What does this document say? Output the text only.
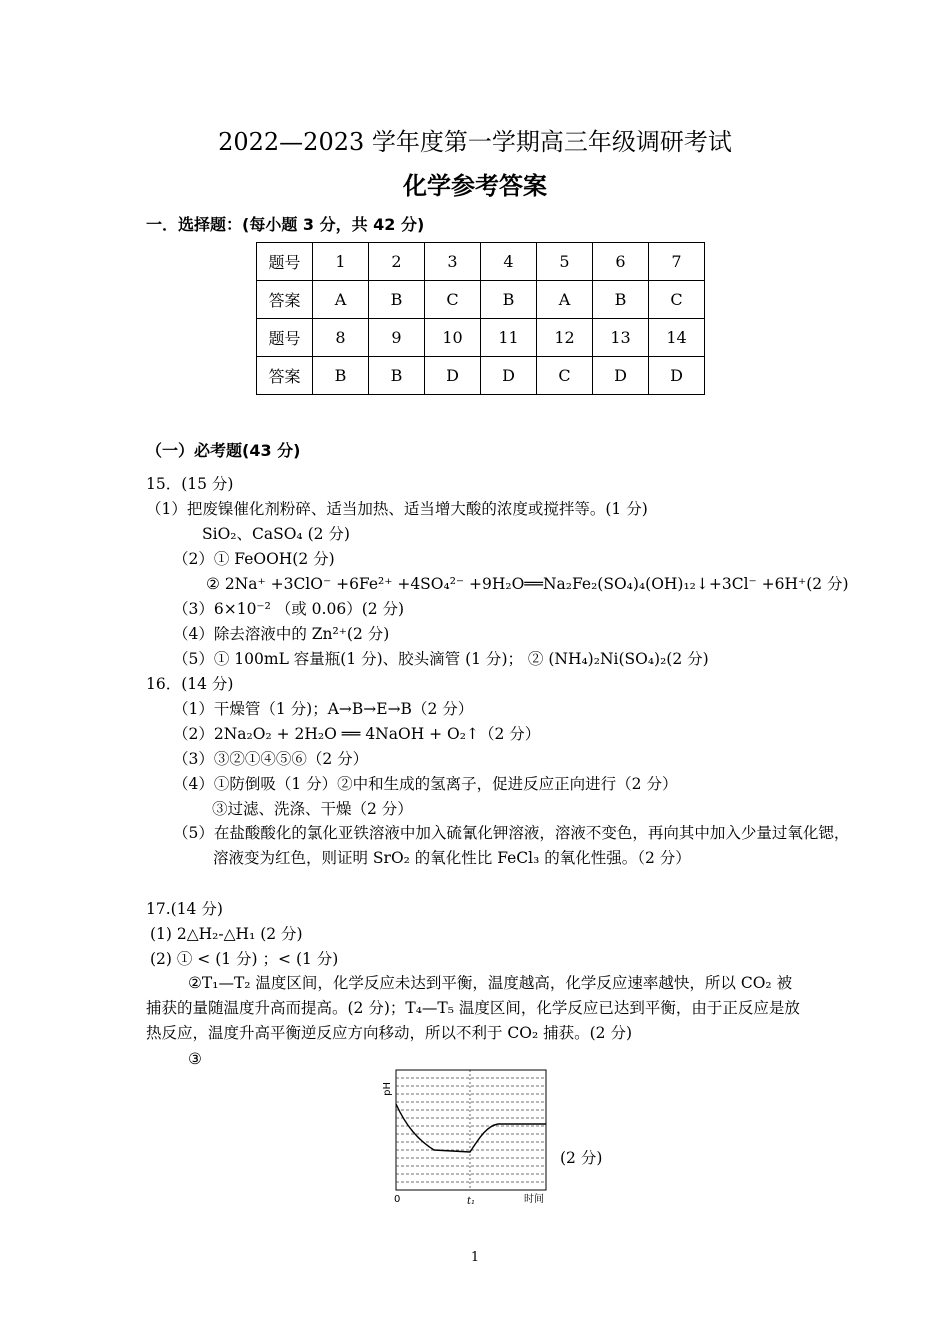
2022—2023 学年度第一学期高三年级调研考试
化学参考答案
一．选择题：(每小题 3 分，共 42 分)
题号	1	2	3	4	5	6	7
答案	A	B	C	B	A	B	C
题号	8	9	10	11	12	13	14
答案	B	B	D	D	C	D	D
（一）必考题(43 分)
15．(15 分)
（1）把废镍催化剂粉碎、适当加热、适当增大酸的浓度或搅拌等。(1 分)
SiO₂、CaSO₄ (2 分)
（2）① FeOOH(2 分)
② 2Na⁺ +3ClO⁻ +6Fe²⁺ +4SO₄²⁻ +9H₂O══Na₂Fe₂(SO₄)₄(OH)₁₂↓+3Cl⁻ +6H⁺(2 分)
（3）6×10⁻² （或 0.06）(2 分)
（4）除去溶液中的 Zn²⁺(2 分)
（5）① 100mL 容量瓶(1 分)、胶头滴管 (1 分)； ② (NH₄)₂Ni(SO₄)₂(2 分)
16．(14 分)
（1）干燥管（1 分)；A→B→E→B（2 分）
（2）2Na₂O₂ + 2H₂O ══ 4NaOH + O₂↑（2 分）
（3）③②①④⑤⑥（2 分）
（4）①防倒吸（1 分）②中和生成的氢离子，促进反应正向进行（2 分）
③过滤、洗涤、干燥（2 分）
（5）在盐酸酸化的氯化亚铁溶液中加入硫氰化钾溶液，溶液不变色，再向其中加入少量过氧化锶，溶液变为红色，则证明 SrO₂ 的氧化性比 FeCl₃ 的氧化性强。（2 分）
17.(14 分)
(1) 2△H₂-△H₁ (2 分)
(2) ① < (1 分) ；< (1 分)
②T₁—T₂ 温度区间，化学反应未达到平衡，温度越高，化学反应速率越快，所以 CO₂ 被捕获的量随温度升高而提高。(2 分)；T₄—T₅ 温度区间，化学反应已达到平衡，由于正反应是放热反应，温度升高平衡逆反应方向移动，所以不利于 CO₂ 捕获。(2 分)
③
pH
0	t₁	时间
(2 分)
1
